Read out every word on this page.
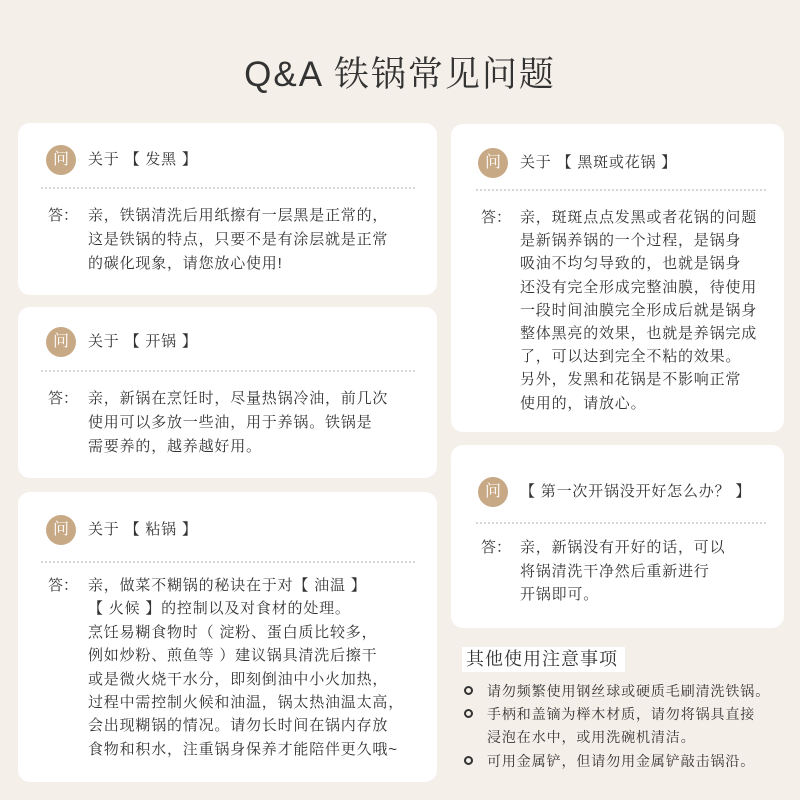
Q&A 铁锅常见问题
问	关于 【 发黑 】
答： 亲，铁锅清洗后用纸擦有一层黑是正常的，
这是铁锅的特点，只要不是有涂层就是正常
的碳化现象，请您放心使用!
问	关于 【 开锅 】
答： 亲，新锅在烹饪时，尽量热锅冷油，前几次
使用可以多放一些油，用于养锅。铁锅是
需要养的，越养越好用。
问	关于 【 粘锅 】
答： 亲，做菜不糊锅的秘诀在于对【 油温 】
【 火候 】的控制以及对食材的处理。
烹饪易糊食物时（ 淀粉、蛋白质比较多，
例如炒粉、煎鱼等 ）建议锅具清洗后擦干
或是微火烧干水分，即刻倒油中小火加热，
过程中需控制火候和油温，锅太热油温太高，
会出现糊锅的情况。请勿长时间在锅内存放
食物和积水，注重锅身保养才能陪伴更久哦~
问	关于 【 黑斑或花锅 】
答： 亲，斑斑点点发黑或者花锅的问题
是新锅养锅的一个过程，是锅身
吸油不均匀导致的，也就是锅身
还没有完全形成完整油膜，待使用
一段时间油膜完全形成后就是锅身
整体黑亮的效果，也就是养锅完成
了，可以达到完全不粘的效果。
另外，发黑和花锅是不影响正常
使用的，请放心。
问	【 第一次开锅没开好怎么办？ 】
答： 亲，新锅没有开好的话，可以
将锅清洗干净然后重新进行
开锅即可。
其他使用注意事项
请勿频繁使用钢丝球或硬质毛刷清洗铁锅。
手柄和盖镝为榉木材质，请勿将锅具直接
浸泡在水中，或用洗碗机清洁。
可用金属铲，但请勿用金属铲敲击锅沿。
